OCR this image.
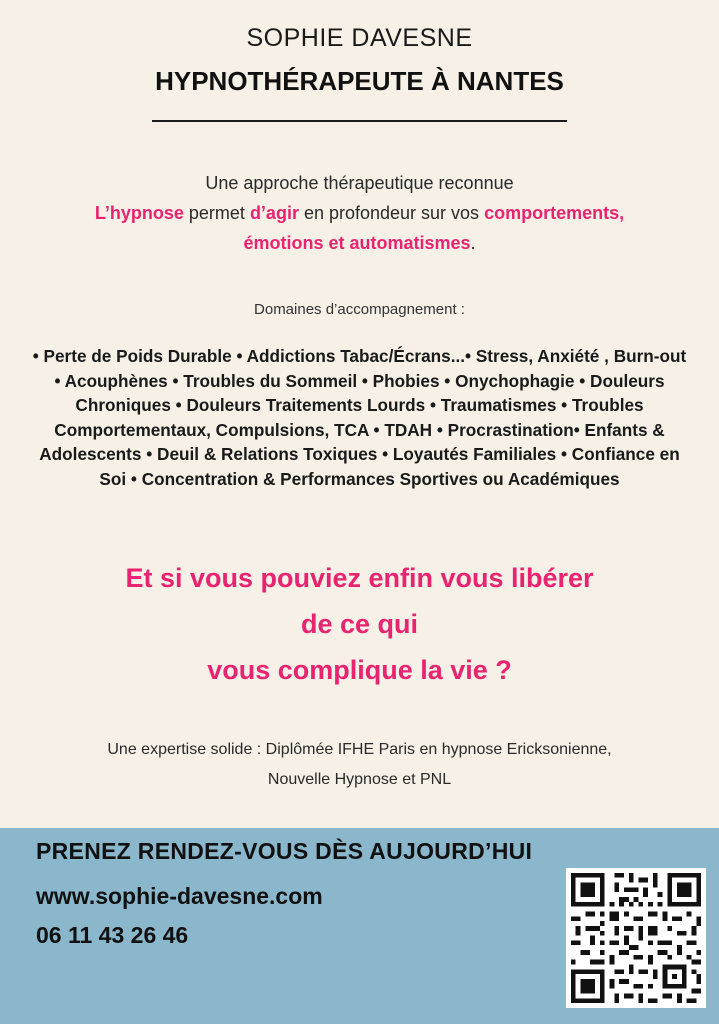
SOPHIE DAVESNE
HYPNOTHÉRAPEUTE À NANTES
Une approche thérapeutique reconnue
L’hypnose permet d’agir en profondeur sur vos comportements,
émotions et automatismes.
Domaines d’accompagnement :
• Perte de Poids Durable • Addictions Tabac/Écrans...• Stress, Anxiété , Burn-out • Acouphènes • Troubles du Sommeil • Phobies • Onychophagie • Douleurs Chroniques • Douleurs Traitements Lourds • Traumatismes • Troubles Comportementaux, Compulsions, TCA • TDAH • Procrastination• Enfants & Adolescents • Deuil & Relations Toxiques • Loyautés Familiales • Confiance en Soi • Concentration & Performances Sportives ou Académiques
Et si vous pouviez enfin vous libérer
de ce qui
vous complique la vie ?
Une expertise solide : Diplômée IFHE Paris en hypnose Ericksonienne,
Nouvelle Hypnose et PNL
PRENEZ RENDEZ-VOUS DÈS AUJOURD’HUI
www.sophie-davesne.com
06 11 43 26 46
